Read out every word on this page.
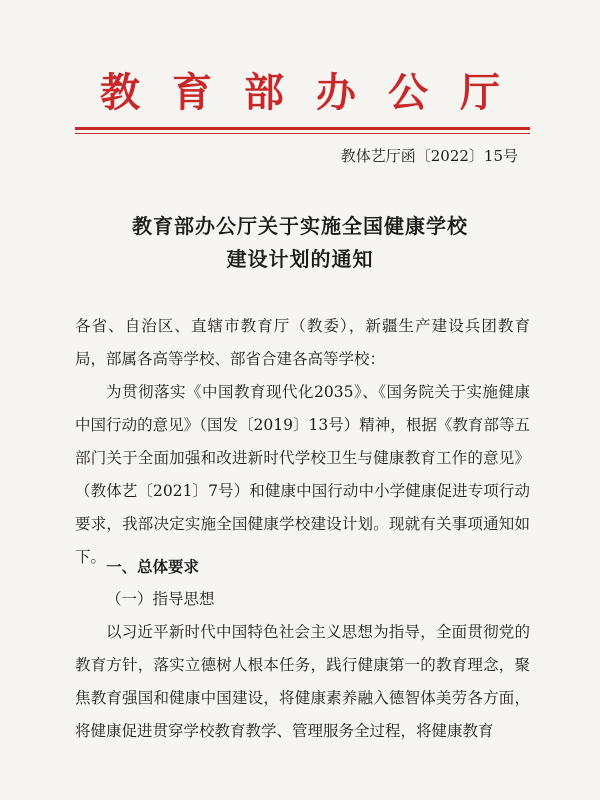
教 育 部 办 公 厅
教体艺厅函〔2022〕15号
教育部办公厅关于实施全国健康学校
建设计划的通知
各省、自治区、直辖市教育厅（教委），新疆生产建设兵团教育局，部属各高等学校、部省合建各高等学校：
为贯彻落实《中国教育现代化2035》、《国务院关于实施健康中国行动的意见》（国发〔2019〕13号）精神，根据《教育部等五部门关于全面加强和改进新时代学校卫生与健康教育工作的意见》（教体艺〔2021〕7号）和健康中国行动中小学健康促进专项行动要求，我部决定实施全国健康学校建设计划。现就有关事项通知如下。 一、总体要求
（一）指导思想
以习近平新时代中国特色社会主义思想为指导，全面贯彻党的教育方针，落实立德树人根本任务，践行健康第一的教育理念，聚焦教育强国和健康中国建设，将健康素养融入德智体美劳各方面，将健康促进贯穿学校教育教学、管理服务全过程，将健康教育
